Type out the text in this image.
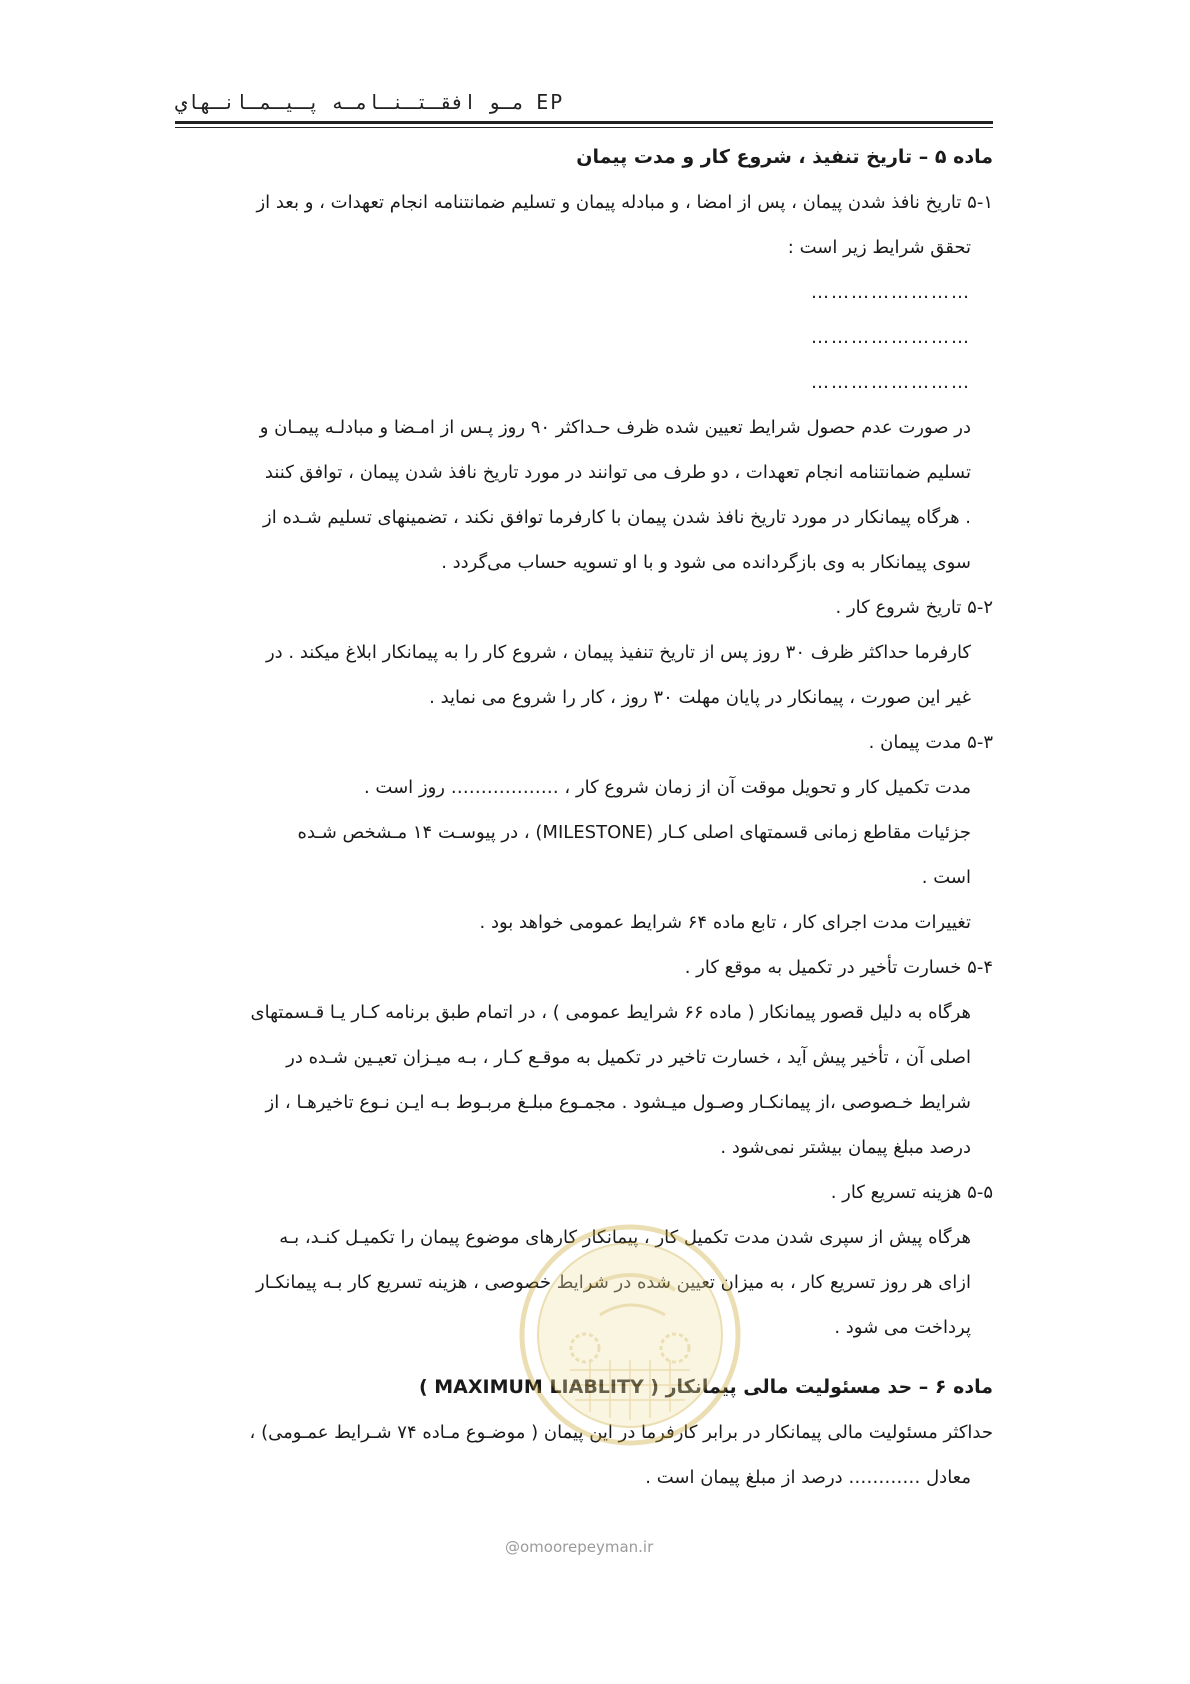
مـو افقـتـنـامـه پـيـمـانـهاي EP
ماده ۵ – تاریخ تنفیذ ، شروع کار و مدت پیمان
۵-۱ تاریخ نافذ شدن پیمان ، پس از امضا ، و مبادله پیمان و تسلیم ضمانتنامه انجام تعهدات ، و بعد از
تحقق شرایط زیر است :
……………………
……………………
……………………
در صورت عدم حصول شرایط تعیین شده ظرف حـداکثر ۹۰ روز پـس از امـضا و مبادلـه پیمـان و
تسلیم ضمانتنامه انجام تعهدات ، دو طرف می توانند در مورد تاریخ نافذ شدن پیمان ، توافق کنند
. هرگاه پیمانکار در مورد تاریخ نافذ شدن پیمان با کارفرما توافق نکند ، تضمینهای تسلیم شـده از
سوی پیمانکار به وی بازگردانده می شود و با او تسویه حساب می‌گردد .
۵-۲ تاریخ شروع کار .
کارفرما حداکثر ظرف ۳۰ روز پس از تاریخ تنفیذ پیمان ، شروع کار را به پیمانکار ابلاغ میکند . در
غیر این صورت ، پیمانکار در پایان مهلت ۳۰ روز ، کار را شروع می نماید .
۵-۳ مدت پیمان .
مدت تکمیل کار و تحویل موقت آن از زمان شروع کار ، ……………… روز است .
جزئیات مقاطع زمانی قسمتهای اصلی کـار (MILESTONE) ، در پیوسـت ۱۴ مـشخص شـده
است .
تغییرات مدت اجرای کار ، تابع ماده ۶۴ شرایط عمومی خواهد بود .
۵-۴ خسارت تأخیر در تکمیل به موقع کار .
هرگاه به دلیل قصور پیمانکار ( ماده ۶۶ شرایط عمومی ) ، در اتمام طبق برنامه کـار یـا قـسمتهای
اصلی آن ، تأخیر پیش آید ، خسارت تاخیر در تکمیل به موقـع کـار ، بـه میـزان تعیـین شـده در
شرایط خـصوصی ،از پیمانکـار وصـول میـشود . مجمـوع مبلـغ مربـوط بـه ایـن نـوع تاخیرهـا ، از
درصد مبلغ پیمان بیشتر نمی‌شود .
۵-۵ هزینه تسریع کار .
هرگاه پیش از سپری شدن مدت تکمیل کار ، پیمانکار کارهای موضوع پیمان را تکمیـل کنـد، بـه
ازای هر روز تسریع کار ، به میزان تعیین شده در شرایط خصوصی ، هزینه تسریع کار بـه پیمانکـار
پرداخت می شود .
ماده ۶ – حد مسئولیت مالی پیمانکار ( MAXIMUM LIABLITY )
حداکثر مسئولیت مالی پیمانکار در برابر کارفرما در این پیمان ( موضـوع مـاده ۷۴ شـرایط عمـومی) ،
معادل ………… درصد از مبلغ پیمان است .
@omoorepeyman.ir
